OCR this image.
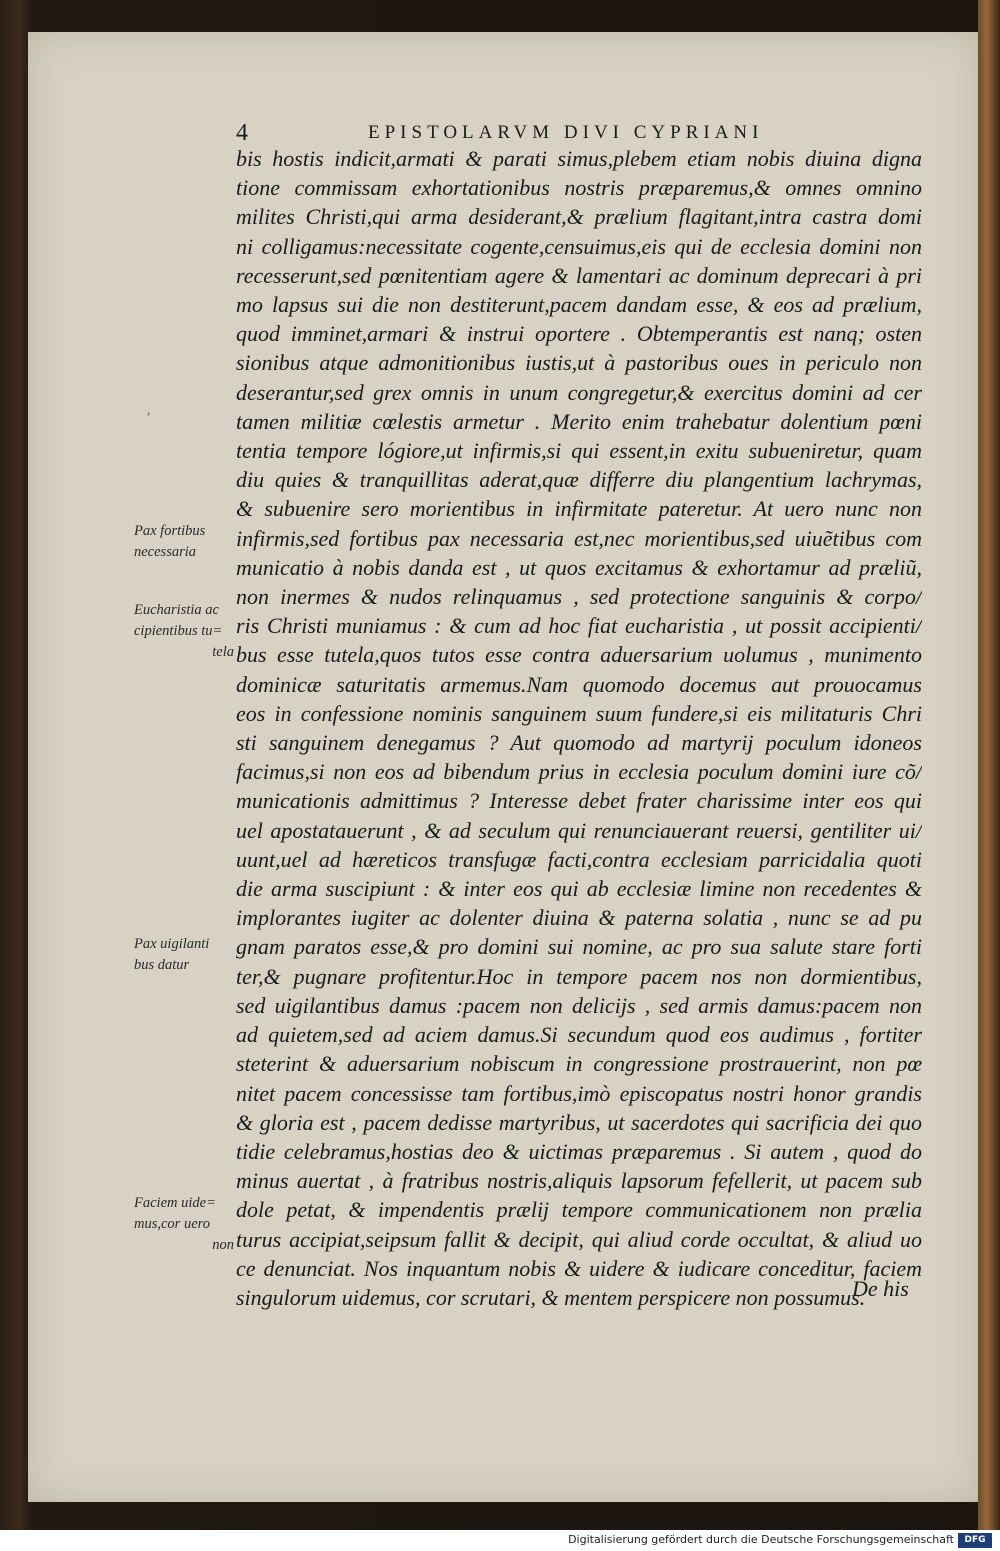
4	EPISTOLARVM DIVI CYPRIANI
’
bis hostis indicit,armati & parati simus,plebem etiam nobis diuina digna
tione commissam exhortationibus nostris præparemus,& omnes omnino
milites Christi,qui arma desiderant,& prælium flagitant,intra castra domi
ni colligamus:necessitate cogente,censuimus,eis qui de ecclesia domini non
recesserunt,sed pœnitentiam agere & lamentari ac dominum deprecari à pri
mo lapsus sui die non destiterunt,pacem dandam esse, & eos ad prælium,
quod imminet,armari & instrui oportere . Obtemperantis est nanq; osten
sionibus atque admonitionibus iustis,ut à pastoribus oues in periculo non
deserantur,sed grex omnis in unum congregetur,& exercitus domini ad cer
tamen militiæ cœlestis armetur . Merito enim trahebatur dolentium pœni
tentia tempore lógiore,ut infirmis,si qui essent,in exitu subueniretur, quam
diu quies & tranquillitas aderat,quæ differre diu plangentium lachrymas,
& subuenire sero morientibus in infirmitate pateretur. At uero nunc non
infirmis,sed fortibus pax necessaria est,nec morientibus,sed uiuẽtibus com
municatio à nobis danda est , ut quos excitamus & exhortamur ad præliũ,
non inermes & nudos relinquamus , sed protectione sanguinis & corpo/
ris Christi muniamus : & cum ad hoc fiat eucharistia , ut possit accipienti/
bus esse tutela,quos tutos esse contra aduersarium uolumus , munimento
dominicæ saturitatis armemus.Nam quomodo docemus aut prouocamus
eos in confessione nominis sanguinem suum fundere,si eis militaturis Chri
sti sanguinem denegamus ? Aut quomodo ad martyrij poculum idoneos
facimus,si non eos ad bibendum prius in ecclesia poculum domini iure cõ/
municationis admittimus ? Interesse debet frater charissime inter eos qui
uel apostatauerunt , & ad seculum qui renunciauerant reuersi, gentiliter ui/
uunt,uel ad hæreticos transfugæ facti,contra ecclesiam parricidalia quoti
die arma suscipiunt : & inter eos qui ab ecclesiæ limine non recedentes &
implorantes iugiter ac dolenter diuina & paterna solatia , nunc se ad pu
gnam paratos esse,& pro domini sui nomine, ac pro sua salute stare forti
ter,& pugnare profitentur.Hoc in tempore pacem nos non dormientibus,
sed uigilantibus damus :pacem non delicijs , sed armis damus:pacem non
ad quietem,sed ad aciem damus.Si secundum quod eos audimus , fortiter
steterint & aduersarium nobiscum in congressione prostrauerint, non pœ
nitet pacem concessisse tam fortibus,imò episcopatus nostri honor grandis
& gloria est , pacem dedisse martyribus, ut sacerdotes qui sacrificia dei quo
tidie celebramus,hostias deo & uictimas præparemus . Si autem , quod do
minus auertat , à fratribus nostris,aliquis lapsorum fefellerit, ut pacem sub
dole petat, & impendentis prælij tempore communicationem non prælia
turus accipiat,seipsum fallit & decipit, qui aliud corde occultat, & aliud uo
ce denunciat. Nos inquantum nobis & uidere & iudicare conceditur, faciem
singulorum uidemus, cor scrutari, & mentem perspicere non possumus.
De his
Pax fortibus
necessaria
Eucharistia ac
cipientibus tu=
tela
Pax uigilanti
bus datur
Faciem uide=
mus,cor uero
non
Digitalisierung gefördert durch die Deutsche Forschungsgemeinschaft	DFG
